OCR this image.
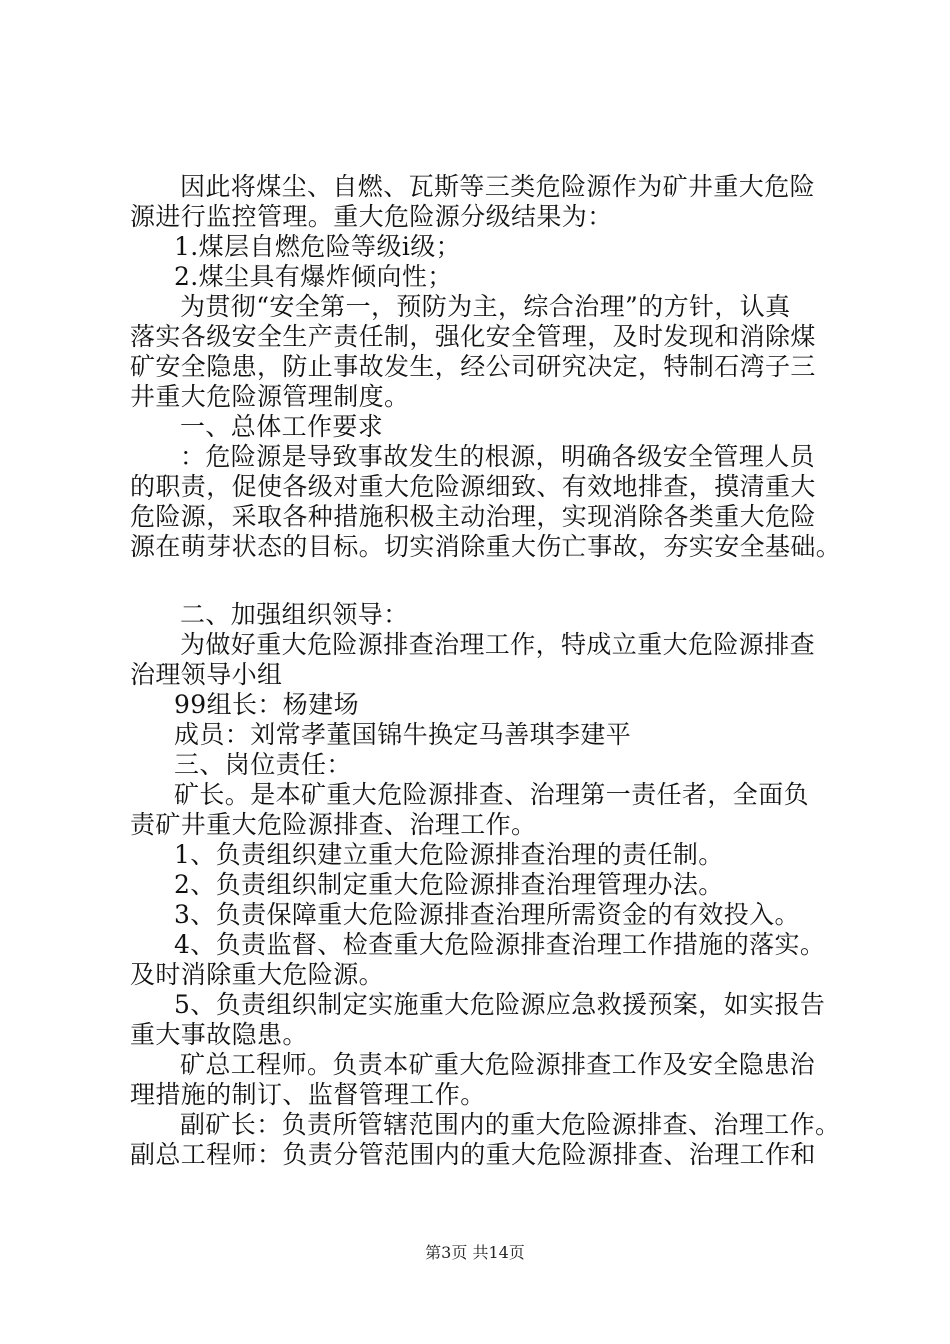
因此将煤尘、自燃、瓦斯等三类危险源作为矿井重大危险
源进行监控管理。重大危险源分级结果为：
1.煤层自燃危险等级ⅰ级；
2.煤尘具有爆炸倾向性；
为贯彻“安全第一，预防为主，综合治理”的方针，认真
落实各级安全生产责任制，强化安全管理，及时发现和消除煤
矿安全隐患，防止事故发生，经公司研究决定，特制石湾子三
井重大危险源管理制度。
一、总体工作要求
：危险源是导致事故发生的根源，明确各级安全管理人员
的职责，促使各级对重大危险源细致、有效地排查，摸清重大
危险源，采取各种措施积极主动治理，实现消除各类重大危险
源在萌芽状态的目标。切实消除重大伤亡事故，夯实安全基础。
二、加强组织领导：
为做好重大危险源排查治理工作，特成立重大危险源排查
治理领导小组
99组长：杨建场
成员：刘常孝董国锦牛换定马善琪李建平
三、岗位责任：
矿长。是本矿重大危险源排查、治理第一责任者，全面负
责矿井重大危险源排查、治理工作。
1、负责组织建立重大危险源排查治理的责任制。
2、负责组织制定重大危险源排查治理管理办法。
3、负责保障重大危险源排查治理所需资金的有效投入。
4、负责监督、检查重大危险源排查治理工作措施的落实。
及时消除重大危险源。
5、负责组织制定实施重大危险源应急救援预案，如实报告
重大事故隐患。
矿总工程师。负责本矿重大危险源排查工作及安全隐患治
理措施的制订、监督管理工作。
副矿长：负责所管辖范围内的重大危险源排查、治理工作。
副总工程师：负责分管范围内的重大危险源排查、治理工作和
第3页 共14页
